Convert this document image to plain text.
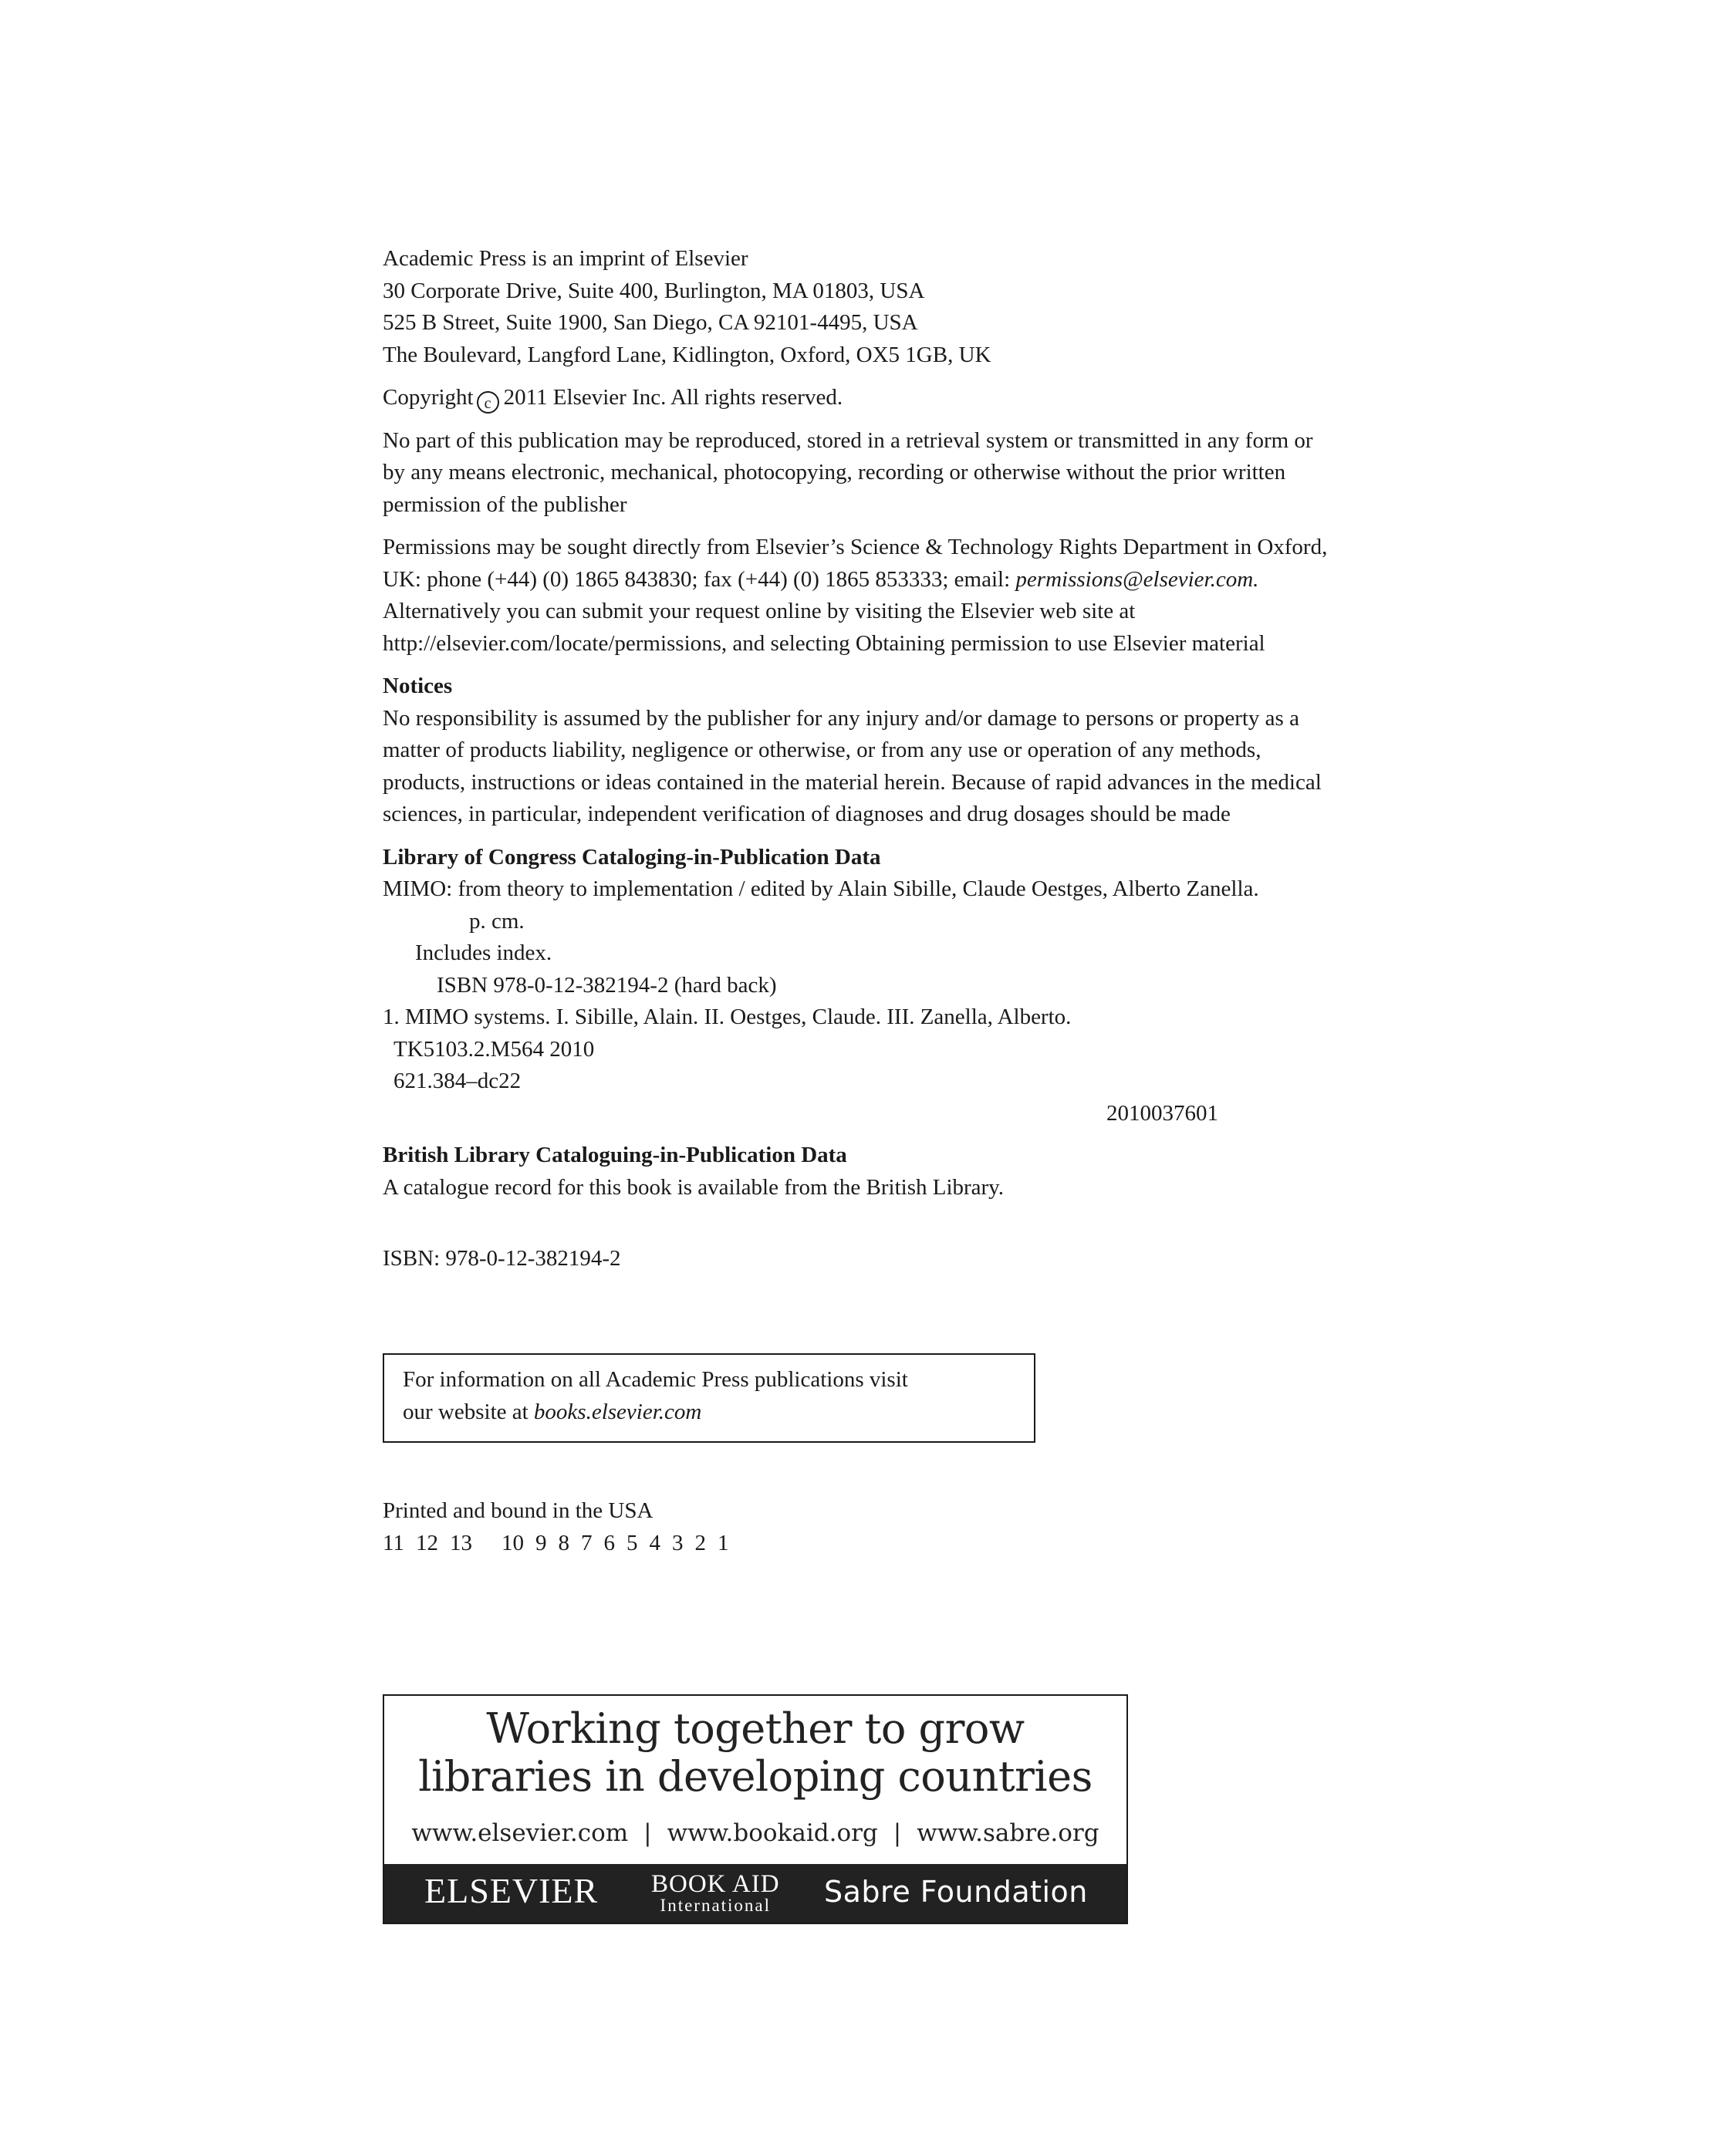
Academic Press is an imprint of Elsevier
30 Corporate Drive, Suite 400, Burlington, MA 01803, USA
525 B Street, Suite 1900, San Diego, CA 92101-4495, USA
The Boulevard, Langford Lane, Kidlington, Oxford, OX5 1GB, UK
Copyright c 2011 Elsevier Inc. All rights reserved.
No part of this publication may be reproduced, stored in a retrieval system or transmitted in any form or
by any means electronic, mechanical, photocopying, recording or otherwise without the prior written
permission of the publisher
Permissions may be sought directly from Elsevier’s Science & Technology Rights Department in Oxford,
UK: phone (+44) (0) 1865 843830; fax (+44) (0) 1865 853333; email: permissions@elsevier.com.
Alternatively you can submit your request online by visiting the Elsevier web site at
http://elsevier.com/locate/permissions, and selecting Obtaining permission to use Elsevier material
Notices
No responsibility is assumed by the publisher for any injury and/or damage to persons or property as a
matter of products liability, negligence or otherwise, or from any use or operation of any methods,
products, instructions or ideas contained in the material herein. Because of rapid advances in the medical
sciences, in particular, independent verification of diagnoses and drug dosages should be made
Library of Congress Cataloging-in-Publication Data
MIMO: from theory to implementation / edited by Alain Sibille, Claude Oestges, Alberto Zanella.
p. cm.
Includes index.
ISBN 978-0-12-382194-2 (hard back)
1. MIMO systems. I. Sibille, Alain. II. Oestges, Claude. III. Zanella, Alberto.
TK5103.2.M564 2010
621.384–dc22
2010037601
British Library Cataloguing-in-Publication Data
A catalogue record for this book is available from the British Library.
ISBN: 978-0-12-382194-2
For information on all Academic Press publications visit
our website at books.elsevier.com
Printed and bound in the USA
11 12 13 10 9 8 7 6 5 4 3 2 1
Working together to grow
libraries in developing countries
www.elsevier.com | www.bookaid.org | www.sabre.org
ELSEVIER BOOK AID
International	Sabre Foundation
